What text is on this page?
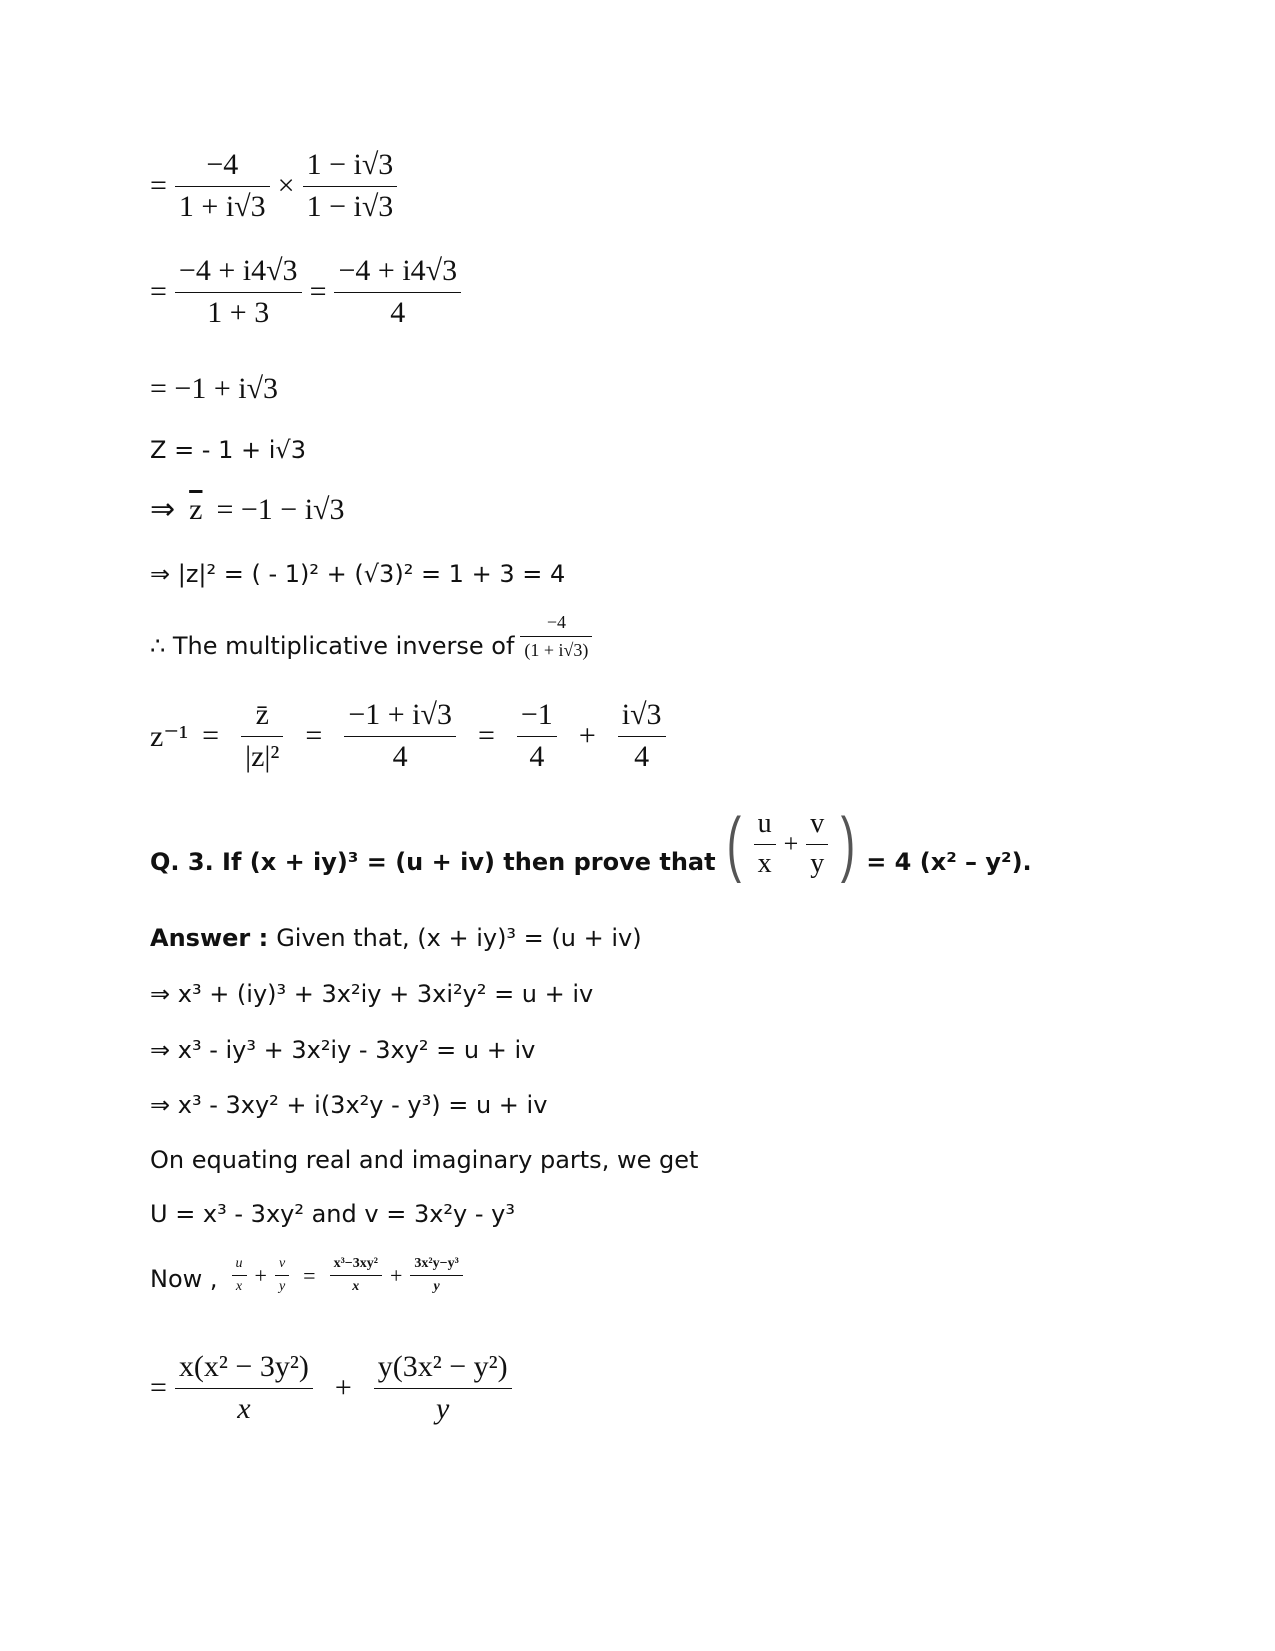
= $\frac{-4}{1 + i√3} \times \frac{1 - i√3}{1 - i√3}$
= $\frac{-4 + i4√3}{1 + 3} = \frac{-4 + i4√3}{4}$
= −1 + i√3
Z = - 1 + i√3
⇒ $\overline{z} = -1 - i√3$
⇒ |z|² = ( - 1)² + (√3)² = 1 + 3 = 4
∴ The multiplicative inverse of $\frac{-4}{(1 + i√3)}$
$z^{-1} = \frac{z̄}{\text{|z|²}} = \frac{-1 + i√3}{4} = \frac{-1}{4} + \frac{i√3}{4}$
Q. 3. If (x + iy)³ = (u + iv) then prove that ( $\frac{u}{x} + \frac{v}{y}$ ) = 4 (x² – y²).
Answer : Given that, (x + iy)³ = (u + iv)
⇒ x³ + (iy)³ + 3x²iy + 3xi²y² = u + iv
⇒ x³ - iy³ + 3x²iy - 3xy² = u + iv
⇒ x³ - 3xy² + i(3x²y - y³) = u + iv
On equating real and imaginary parts, we get
U = x³ - 3xy² and v = 3x²y - y³
Now , $\frac{u}{x} + \frac{v}{y} = \frac{\text{x³−3xy²}}{x} + \frac{\text{3x²y−y³}}{y}$
= $\frac{\text{x(x² − 3y²)}}{x} + \frac{\text{y(3x² − y²)}}{y}$
